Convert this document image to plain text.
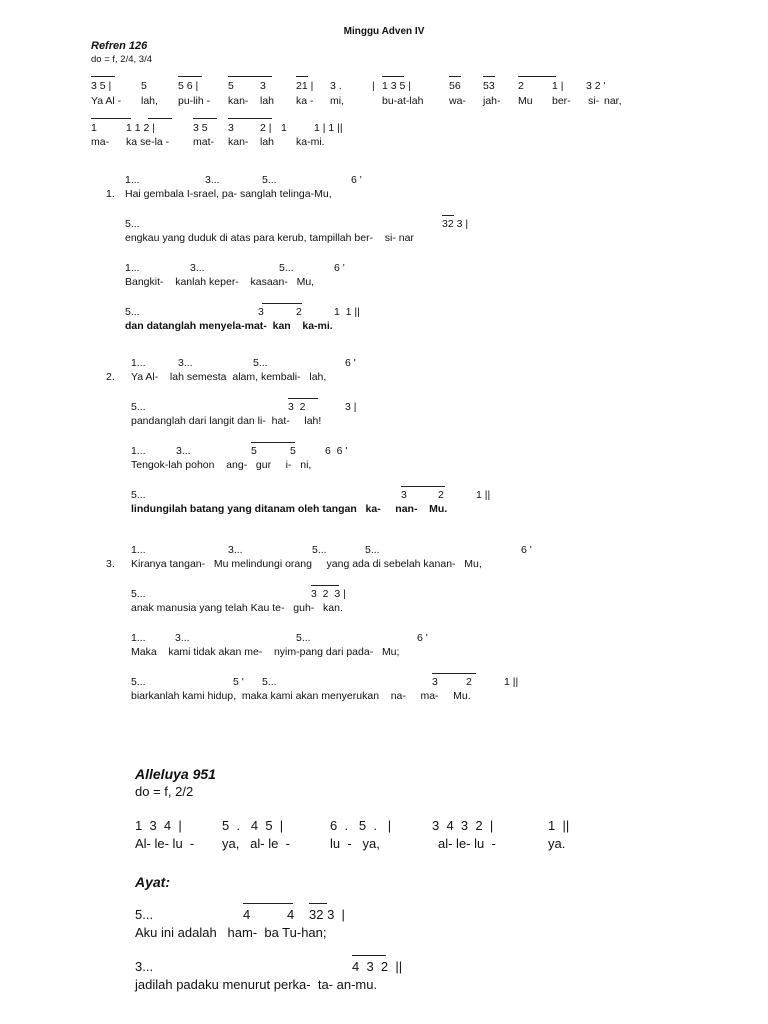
Minggu Adven IV
Refren 126
do = f, 2/4, 3/4
3 5 |	5	5 6 |	5 3	21 | 3 .	| 1 3 5 |	56 53 2	1 | 3 2 '
Ya Al - lah, pu-lih - kan- lah ka - mi,	bu-at-lah wa- jah- Mu ber- si- nar,
1	1 1 2 |	3 5 3 2 | 1	1 | 1 ||
ma- ka se-la - mat- kan- lah ka-mi.
1.
1...	3...	5...	6 '
Hai gembala I-srael, pa- sanglah telinga-Mu,
5...	32 3 |
engkau yang duduk di atas para kerub, tampillah ber-    si- nar
1...	3...	5...	6 '
Bangkit-    kanlah keper-    kasaan-   Mu,
5...	3	2	1  1 ||
dan datanglah menyela-mat-  kan    ka-mi.
2.
1...	3...	5...	6 '
Ya Al-    lah semesta  alam, kembali-   lah,
5...	3  2	3 |
pandanglah dari langit dan li-  hat-     lah!
1...	3...	5	5	6  6 '
Tengok-lah pohon    ang-   gur     i-   ni,
5...	3	2	1 ||
lindungilah batang yang ditanam oleh tangan   ka-     nan-    Mu.
3.
1...	3...	5...	5...	6 '
Kiranya tangan-   Mu melindungi orang     yang ada di sebelah kanan-   Mu,
5...	3  2  3 |
anak manusia yang telah Kau te-   guh-   kan.
1...	3...	5...	6 '
Maka    kami tidak akan me-    nyim-pang dari pada-   Mu;
5...	5 ' 5...	3	2	1 ||
biarkanlah kami hidup,  maka kami akan menyerukan    na-     ma-     Mu.
Alleluya 951
do = f, 2/2
1  3  4  |	5  .   4  5  |	6  .   5  .   |	3  4  3  2  |	1  ||
Al- le- lu  - ya,   al- le  -	lu  -   ya,	al- le- lu  -	ya.
Ayat:
5...	4	4 32 3  |
Aku ini adalah   ham-  ba Tu-han;
3...	4  3  2  ||
jadilah padaku menurut perka-  ta- an-mu.
